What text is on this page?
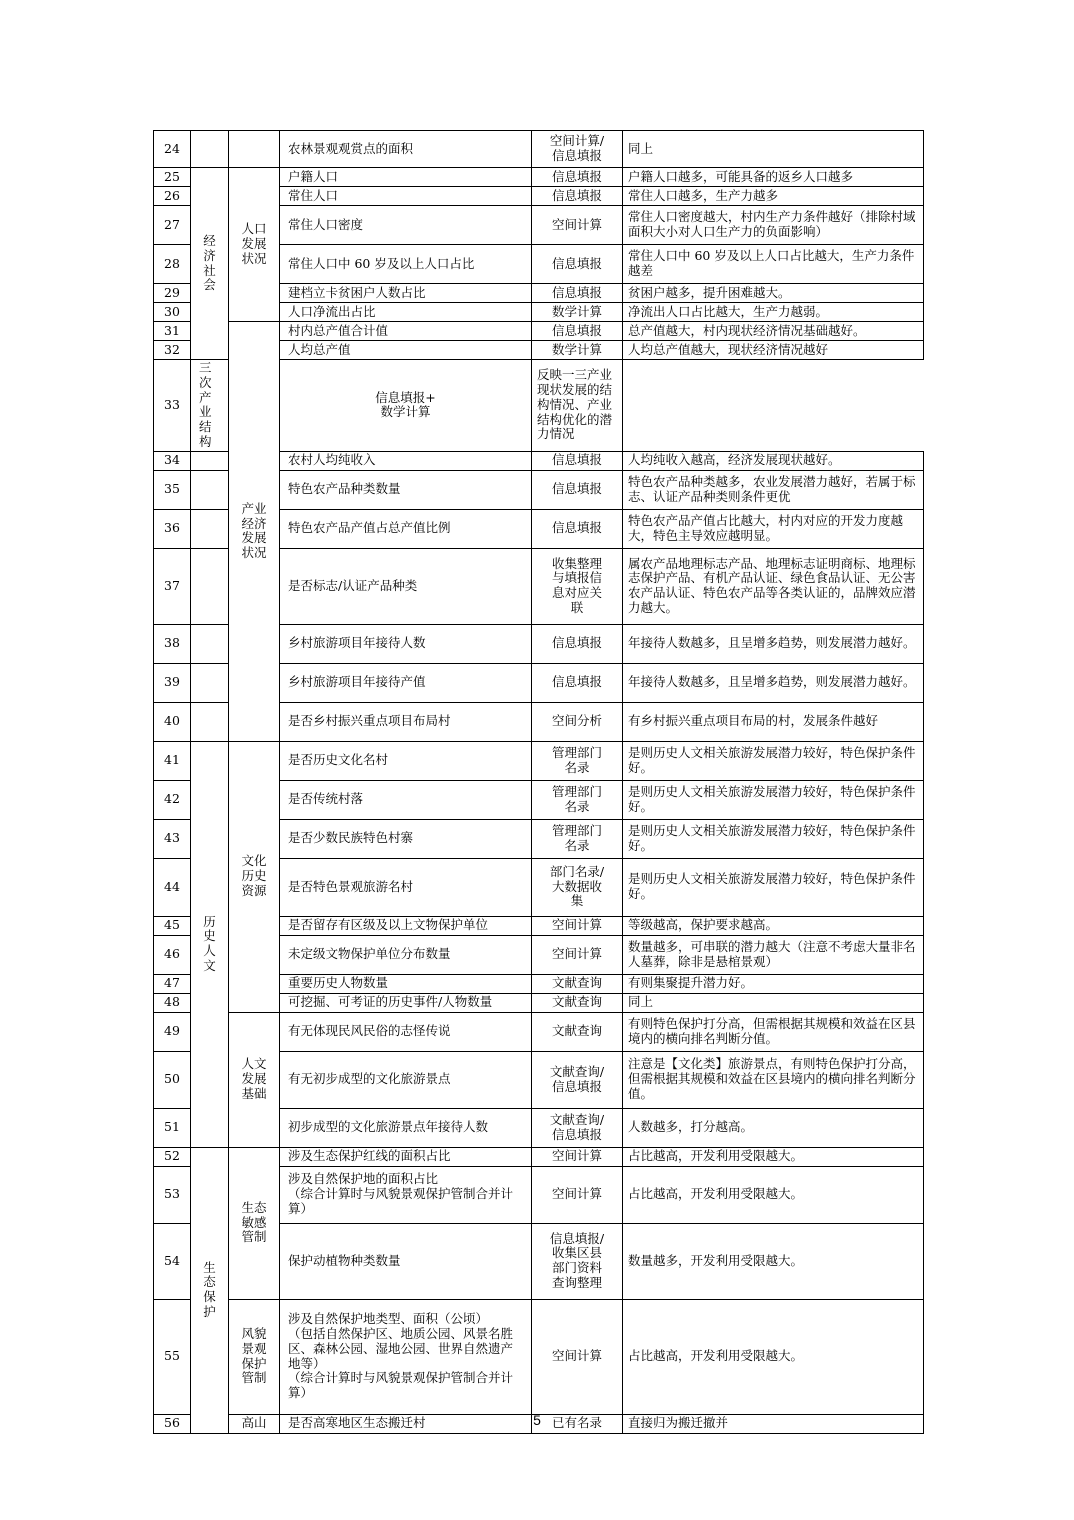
24			农林景观观赏点的面积	空间计算/
信息填报	同上
25	经
济
社
会	人口
发展
状况	户籍人口	信息填报	户籍人口越多，可能具备的返乡人口越多
26			常住人口	信息填报	常住人口越多，生产力越多
27			常住人口密度	空间计算	常住人口密度越大，村内生产力条件越好（排除村域面积大小对人口生产力的负面影响）
28			常住人口中 60 岁及以上人口占比	信息填报	常住人口中 60 岁及以上人口占比越大，生产力条件越差
29			建档立卡贫困户人数占比	信息填报	贫困户越多，提升困难越大。
30			人口净流出占比	数学计算	净流出人口占比越大，生产力越弱。
31		产业
经济
发展
状况	村内总产值合计值	信息填报	总产值越大，村内现状经济情况基础越好。
32			人均总产值	数学计算	人均总产值越大，现状经济情况越好
33	三次产业结构		信息填报+
数学计算	反映一三产业现状发展的结构情况、产业结构优化的潜力情况	
34			农村人均纯收入	信息填报	人均纯收入越高，经济发展现状越好。
35			特色农产品种类数量	信息填报	特色农产品种类越多，农业发展潜力越好，若属于标志、认证产品种类则条件更优
36			特色农产品产值占总产值比例	信息填报	特色农产品产值占比越大，村内对应的开发力度越大，特色主导效应越明显。
37			是否标志/认证产品种类	收集整理
与填报信
息对应关
联	属农产品地理标志产品、地理标志证明商标、地理标志保护产品、有机产品认证、绿色食品认证、无公害农产品认证、特色农产品等各类认证的，品牌效应潜力越大。
38			乡村旅游项目年接待人数	信息填报	年接待人数越多，且呈增多趋势，则发展潜力越好。
39			乡村旅游项目年接待产值	信息填报	年接待人数越多，且呈增多趋势，则发展潜力越好。
40			是否乡村振兴重点项目布局村	空间分析	有乡村振兴重点项目布局的村，发展条件越好
41	历
史
人
文	文化
历史
资源	是否历史文化名村	管理部门
名录	是则历史人文相关旅游发展潜力较好，特色保护条件好。
42			是否传统村落	管理部门
名录	是则历史人文相关旅游发展潜力较好，特色保护条件好。
43			是否少数民族特色村寨	管理部门
名录	是则历史人文相关旅游发展潜力较好，特色保护条件好。
44			是否特色景观旅游名村	部门名录/
大数据收
集	是则历史人文相关旅游发展潜力较好，特色保护条件好。
45			是否留存有区级及以上文物保护单位	空间计算	等级越高，保护要求越高。
46			未定级文物保护单位分布数量	空间计算	数量越多，可串联的潜力越大（注意不考虑大量非名人墓葬，除非是悬棺景观）
47			重要历史人物数量	文献查询	有则集聚提升潜力好。
48			可挖掘、可考证的历史事件/人物数量	文献查询	同上
49		人文
发展
基础	有无体现民风民俗的志怪传说	文献查询	有则特色保护打分高，但需根据其规模和效益在区县境内的横向排名判断分值。
50			有无初步成型的文化旅游景点	文献查询/
信息填报	注意是【文化类】旅游景点，有则特色保护打分高，但需根据其规模和效益在区县境内的横向排名判断分值。
51			初步成型的文化旅游景点年接待人数	文献查询/
信息填报	人数越多，打分越高。
52	生
态
保
护	生态
敏感
管制	涉及生态保护红线的面积占比	空间计算	占比越高，开发利用受限越大。
53			涉及自然保护地的面积占比
（综合计算时与风貌景观保护管制合并计算）	空间计算	占比越高，开发利用受限越大。
54			保护动植物种类数量	信息填报/
收集区县
部门资料
查询整理	数量越多，开发利用受限越大。
55		风貌
景观
保护
管制	涉及自然保护地类型、面积（公顷）
（包括自然保护区、地质公园、风景名胜区、森林公园、湿地公园、世界自然遗产地等）
（综合计算时与风貌景观保护管制合并计算）	空间计算	占比越高，开发利用受限越大。
56		高山	是否高寒地区生态搬迁村	已有名录	直接归为搬迁撤并
5
